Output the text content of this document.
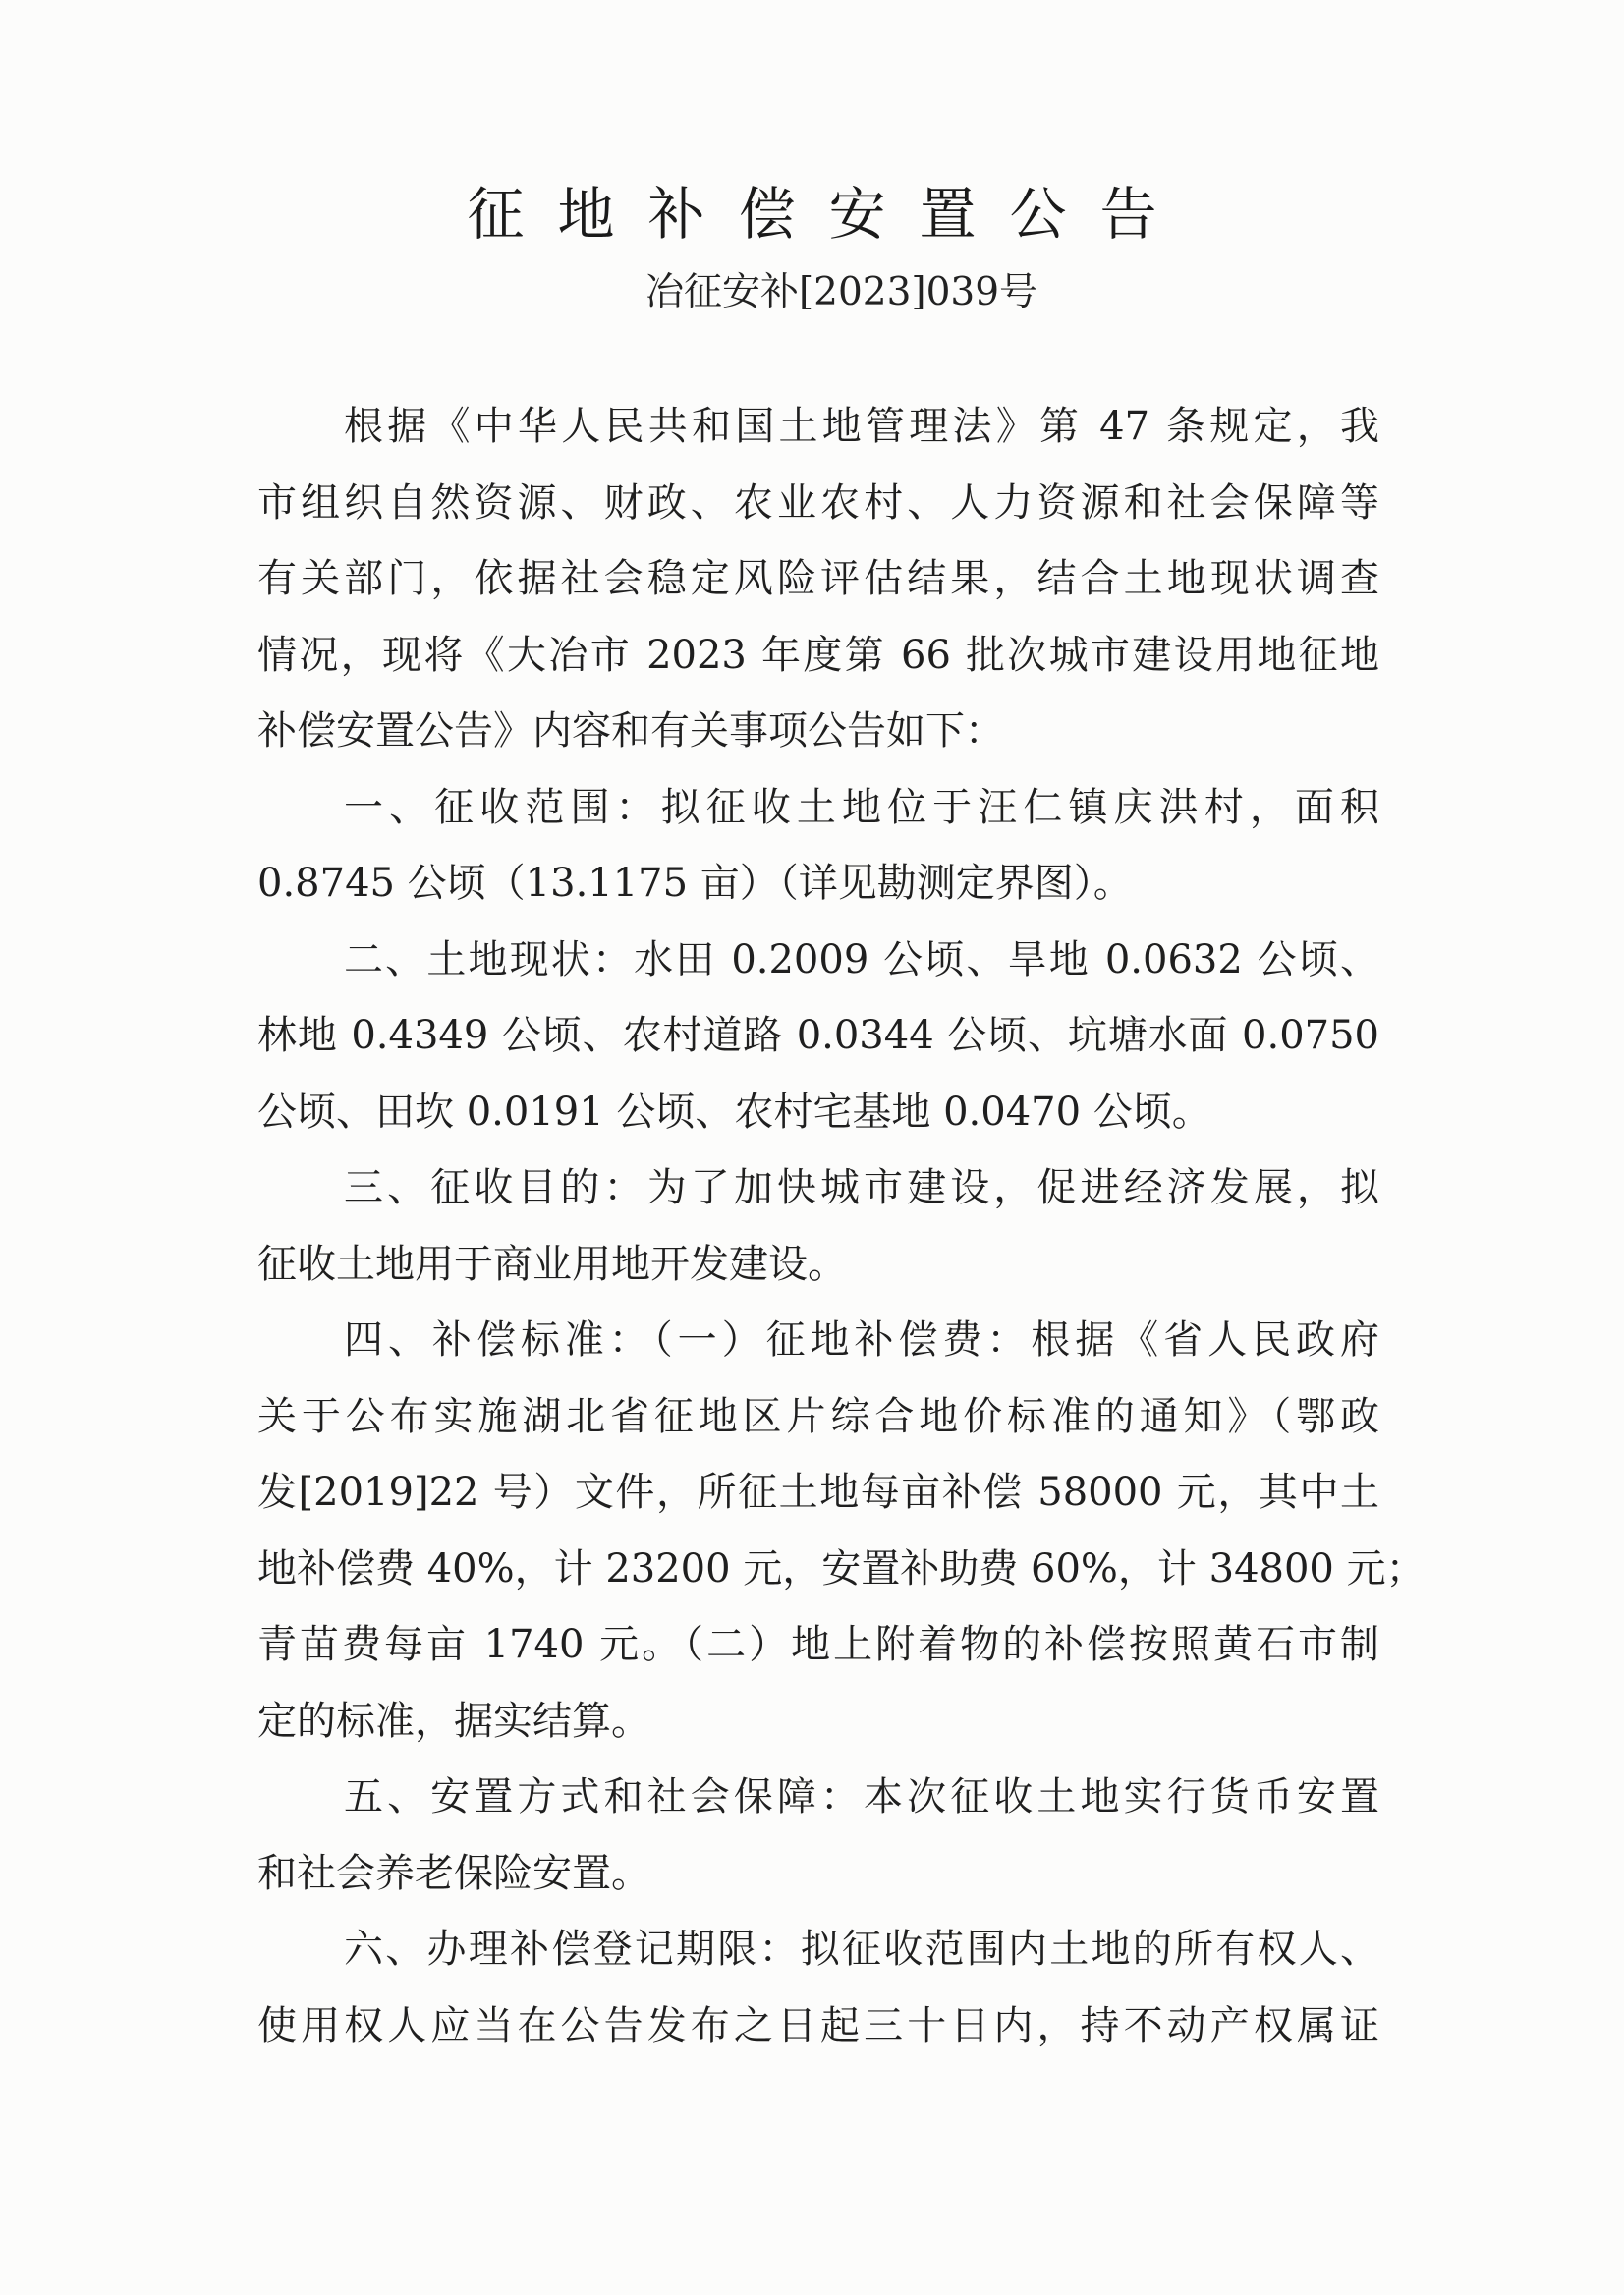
征地补偿安置公告
冶征安补[2023]039号
根据《中华人民共和国土地管理法》第 47 条规定，我
市组织自然资源、财政、农业农村、人力资源和社会保障等
有关部门，依据社会稳定风险评估结果，结合土地现状调查
情况，现将《大冶市 2023 年度第 66 批次城市建设用地征地
补偿安置公告》内容和有关事项公告如下：
一、征收范围：拟征收土地位于汪仁镇庆洪村，面积
0.8745 公顷（13.1175 亩）（详见勘测定界图）。
二、土地现状：水田 0.2009 公顷、旱地 0.0632 公顷、
林地 0.4349 公顷、农村道路 0.0344 公顷、坑塘水面 0.0750
公顷、田坎 0.0191 公顷、农村宅基地 0.0470 公顷。
三、征收目的：为了加快城市建设，促进经济发展，拟
征收土地用于商业用地开发建设。
四、补偿标准：（一）征地补偿费：根据《省人民政府
关于公布实施湖北省征地区片综合地价标准的通知》（鄂政
发[2019]22 号）文件，所征土地每亩补偿 58000 元，其中土
地补偿费 40%，计 23200 元，安置补助费 60%，计 34800 元；
青苗费每亩 1740 元。（二）地上附着物的补偿按照黄石市制
定的标准，据实结算。
五、安置方式和社会保障：本次征收土地实行货币安置
和社会养老保险安置。
六、办理补偿登记期限：拟征收范围内土地的所有权人、
使用权人应当在公告发布之日起三十日内，持不动产权属证
